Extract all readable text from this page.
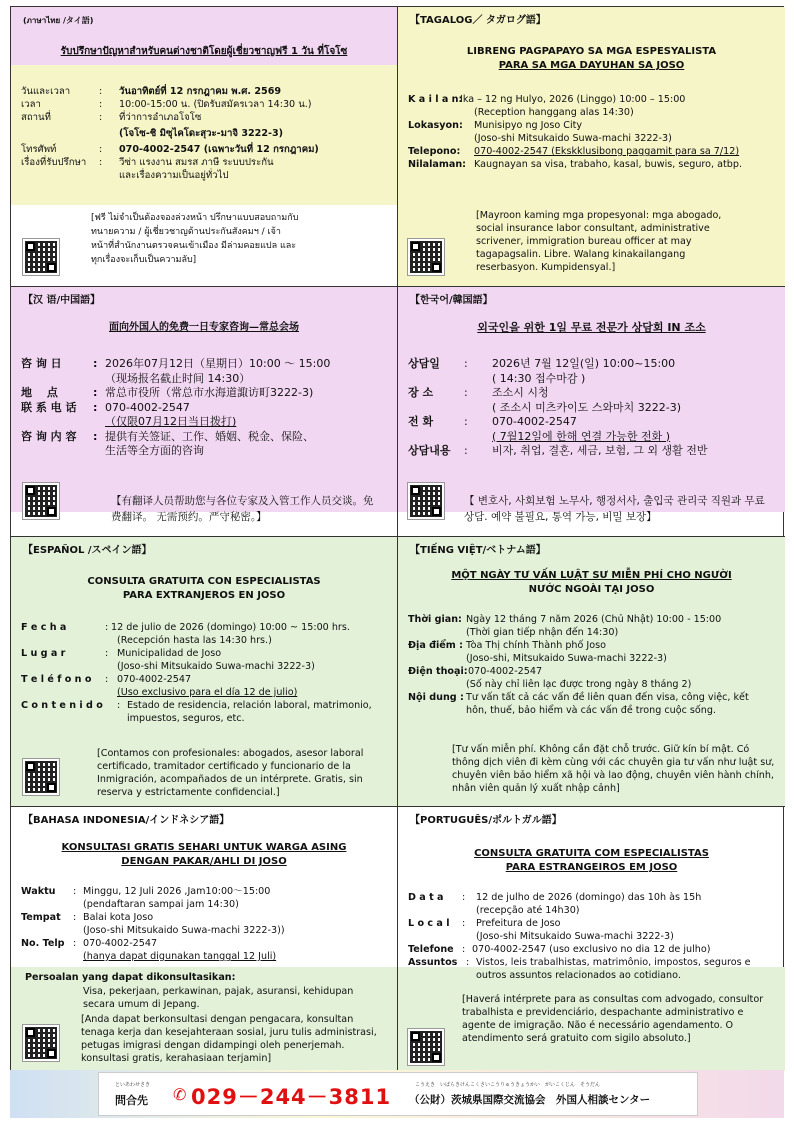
(ภาษาไทย /タイ語)
รับปรึกษาปัญหาสำหรับคนต่างชาติโดยผู้เชี่ยวชาญฟรี 1 วัน ที่โจโซ
วันและเวลา	:	วันอาทิตย์ที่ 12 กรกฎาคม พ.ศ. 2569
เวลา	:	10:00-15:00 น. (ปิดรับสมัครเวลา 14:30 น.)
สถานที่	:	ที่ว่าการอำเภอโจโซ
(โจโซ-ชิ มิซุไคโดะสุวะ-มาจิ 3222-3)
โทรศัพท์	:	070-4002-2547 (เฉพาะวันที่ 12 กรกฎาคม)
เรื่องที่รับปรึกษา	:	วีซ่า แรงงาน สมรส ภาษี ระบบประกัน
และเรื่องความเป็นอยู่ทั่วไป
[ฟรี ไม่จำเป็นต้องจองล่วงหน้า ปรึกษาแบบสอบถามกับ ทนายความ / ผู้เชี่ยวชาญด้านประกันสังคมฯ / เจ้าหน้าที่สำนักงานตรวจคนเข้าเมือง มีล่ามคอยแปล และทุกเรื่องจะเก็บเป็นความลับ]
【TAGALOG／ タガログ語】
LIBRENG PAGPAPAYO SA MGA ESPESYALISTA
PARA SA MGA DAYUHAN SA JOSO
K a i l a n:
Ika – 12 ng Hulyo, 2026 (Linggo) 10:00 – 15:00
(Reception hanggang alas 14:30)
Lokasyon:	Munisipyo ng Joso City
(Joso-shi Mitsukaido Suwa-machi 3222-3)
Telepono:	070-4002-2547 (Ekskklusibong paggamit para sa 7/12)
Nilalaman: Kaugnayan sa visa, trabaho, kasal, buwis, seguro, atbp.
[Mayroon kaming mga propesyonal: mga abogado, social insurance labor consultant, administrative scrivener, immigration bureau officer at may tagapagsalin. Libre. Walang kinakailangang reserbasyon. Kumpidensyal.]
【汉 语/中国語】
面向外国人的免费一日专家咨询—常总会场
咨 询 日	: 2026年07月12日（星期日）10:00 ～ 15:00
（现场报名截止时间 14:30）
地　 点	: 常总市役所（常总市水海道諏访町3222-3)
联 系 电 话	: 070-4002-2547
（仅限07月12日当日拨打)
咨 询 内 容	: 提供有关签证、工作、婚姻、税金、保险、
生活等全方面的咨询
【有翻译人员帮助您与各位专家及入管工作人员交谈。免费翻译。 无需预约。严守秘密。】
【한국어/韓国語】
외국인을 위한 1일 무료 전문가 상담회 IN 조소
상담일	:	2026년 7월 12일(일) 10:00~15:00
( 14:30 접수마감 )
장 소	:	조소시 시청
( 조소시 미츠카이도 스와마치 3222-3)
전 화	:	070-4002-2547
( 7월12일에 한해 연결 가능한 전화 )
상담내용	:	비자, 취업, 결혼, 세금, 보험, 그 외 생활 전반
【 변호사, 사회보험 노무사, 행정서사, 출입국 관리국 직원과 무료 상담. 예약 불필요, 통역 가능, 비밀 보장】
【ESPAÑOL /スペイン語】
CONSULTA GRATUITA CON ESPECIALISTAS
PARA EXTRANJEROS EN JOSO
F e c h a	: 12 de julio de 2026 (domingo) 10:00 ~ 15:00 hrs.
(Recepción hasta las 14:30 hrs.)
L u g a r	: Municipalidad de Joso
(Joso-shi Mitsukaido Suwa-machi 3222-3)
T e l é f o n o	: 070-4002-2547
(Uso exclusivo para el día 12 de julio)
C o n t e n i d o	: Estado de residencia, relación laboral, matrimonio, impuestos, seguros, etc.
[Contamos con profesionales: abogados, asesor laboral certificado, tramitador certificado y funcionario de la Inmigración, acompañados de un intérprete. Gratis, sin reserva y estrictamente confidencial.]
【TIẾNG VIỆT/ベトナム語】
MỘT NGÀY TƯ VẤN LUẬT SƯ MIỄN PHÍ CHO NGƯỜI
NƯỚC NGOÀI TẠI JOSO
Thời gian: Ngày 12 tháng 7 năm 2026 (Chủ Nhật) 10:00 - 15:00
(Thời gian tiếp nhận đến 14:30)
Địa điểm : Tòa Thị chính Thành phố Joso
(Joso-shi, Mitsukaido Suwa-machi 3222-3)
Điện thoại: 070-4002-2547
(Số này chỉ liên lạc được trong ngày 8 tháng 2)
Nội dung : Tư vấn tất cả các vấn đề liên quan đến visa, công việc, kết hôn, thuế, bảo hiểm và các vấn đề trong cuộc sống.
[Tư vấn miễn phí. Không cần đặt chỗ trước. Giữ kín bí mật. Có thông dịch viên đi kèm cùng với các chuyên gia tư vấn như luật sư, chuyên viên bảo hiểm xã hội và lao động, chuyên viên hành chính, nhân viên quản lý xuất nhập cảnh]
【BAHASA INDONESIA/インドネシア語】
KONSULTASI GRATIS SEHARI UNTUK WARGA ASING
DENGAN PAKAR/AHLI DI JOSO
Waktu	: Minggu, 12 Juli 2026 ,Jam10:00～15:00
(pendaftaran sampai jam 14:30)
Tempat	: Balai kota Joso
(Joso-shi Mitsukaido Suwa-machi 3222-3))
No. Telp : 070-4002-2547
(hanya dapat digunakan tanggal 12 Juli)
Persoalan yang dapat dikonsultasikan:
Visa, pekerjaan, perkawinan, pajak, asuransi, kehidupan secara umum di Jepang.
[Anda dapat berkonsultasi dengan pengacara, konsultan tenaga kerja dan kesejahteraan sosial, juru tulis administrasi, petugas imigrasi dengan didampingi oleh penerjemah. konsultasi gratis, kerahasiaan terjamin]
【PORTUGUÊS/ポルトガル語】
CONSULTA GRATUITA COM ESPECIALISTAS
PARA ESTRANGEIROS EM JOSO
D a t a	:	12 de julho de 2026 (domingo) das 10h às 15h
(recepção até 14h30)
L o c a l	:	Prefeitura de Joso
(Joso-shi Mitsukaido Suwa-machi 3222-3)
Telefone : 070-4002-2547 (uso exclusivo no dia 12 de julho)
Assuntos : Vistos, leis trabalhistas, matrimônio, impostos, seguros e outros assuntos relacionados ao cotidiano.
[Haverá intérprete para as consultas com advogado, consultor trabalhista e previdenciário, despachante administrativo e agente de imigração. Não é necessário agendamento. O atendimento será gratuito com sigilo absoluto.]
といあわせさき
問合先 ✆ 029－244－3811	こうえき　いばらきけんこくさいこうりゅうきょうかい　がいこくじん　そうだん
（公財）茨城県国際交流協会　外国人相談センター
